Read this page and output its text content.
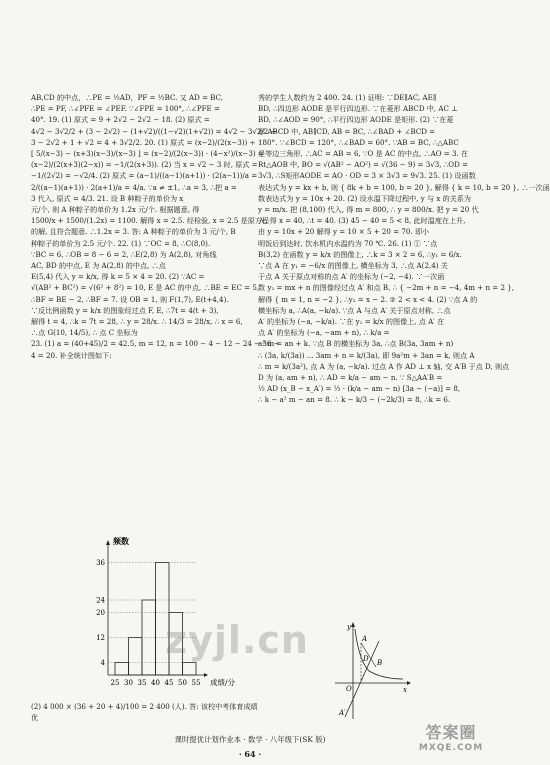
AB,CD 的中点，∴PE = ½AD，PF = ½BC. 又 AD = BC,

∴PE = PF, ∴∠PFE = ∠PEF. ∵∠FPE = 100°, ∴∠PFE =

40°. 19. (1) 原式 = 9 + 2√2 − 2√2 − 18. (2) 原式 =

4√2 − 3√2/2 + (3 − 2√2) − (1+√2)/((1−√2)(1+√2)) = 4√2 − 3√2/2 +

3 − 2√2 + 1 + √2 = 4 + 3√2/2. 20. (1) 原式 = (x−2)/(2(x−3)) ÷

[ 5/(x−3) − (x+3)(x−3)/(x−3) ] = (x−2)/(2(x−3)) · (4−x²)/(x−3) =

(x−2)/(2(x+3)(2−x)) = −1/(2(x+3)). (2) 当 x = √2 − 3 时, 原式 =

−1/(2√2) = −√2/4. (2) 原式 = (a−1)/((a−1)(a+1)) · (2(a−1))/a =

2/((a−1)(a+1)) · 2(a+1)/a = 4/a. ∵a ≠ ±1, ∴a = 3, ∴把 a =

3 代入, 原式 = 4/3. 21. 设 B 种粽子的单价为 x

元/个, 则 A 种粽子的单价为 1.2x 元/个. 根据题意, 得

1500/x + 1500/(1.2x) = 1100. 解得 x = 2.5. 经检验, x = 2.5 是原方程

的解, 且符合题意. ∴1.2x = 3. 答: A 种粽子的单价为 3 元/个, B

种粽子的单价为 2.5 元/个. 22. (1) ∵OC = 8, ∴C(8,0).

∵BC = 6, ∴OB = 8 − 6 = 2, ∴E(2,8) 为 A(2,8), 对角线

AC, BD 的中点, E 为 A(2,8) 的中点, ∴点

E(5,4) 代入 y = k/x, 得 k = 5 × 4 = 20. (2) ∵AC =

√(AB² + BC²) = √(6² + 8²) = 10, E 是 AC 的中点, ∴BE = EC = 5,

∴BF = BE − 2, ∴BF = 7. 设 OB = 1, 则 F(1,7), E(t+4,4).

∵反比例函数 y = k/x 的图象经过点 F, E, ∴7t = 4(t + 3),

解得 t = 4, ∴k = 7t = 28, ∴ y = 28/x. ∴ 14/3 = 28/x, ∴ x = 6,

∴点 G(10, 14/5), ∴ 点 C 坐标为

23. (1) a = (40+45)/2 = 42.5, m = 12, n = 100 − 4 − 12 − 24 − 36 −

4 = 20. 补全统计图如下:

秀的学生人数约为 2 400. 24. (1) 证明: ∵DE∥AC, AE∥

BD, ∴四边形 AODE 是平行四边形. ∵在菱形 ABCD 中, AC ⊥

BD, ∴∠AOD = 90°, ∴平行四边形 AODE 是矩形. (2) ∵在菱

形 ABCD 中, AB∥CD, AB = BC, ∴∠BAD + ∠BCD =

180°. ∵∠BCD = 120°, ∴∠BAD = 60°. ∵AB = BC, ∴△ABC

是等边三角形, ∴AC = AB = 6, ∵O 是 AC 的中点, ∴AO = 3. 在

Rt△AOB 中, BO = √(AB² − AO²) = √(36 − 9) = 3√3, ∴OD =

3√3, ∴S矩形AODE = AO · OD = 3 × 3√3 = 9√3. 25. (1) 设函数

表达式为 y = kx + b, 则 { 8k + b = 100, b = 20 }, 解得 { k = 10, b = 20 }, ∴一次函

数表达式为 y = 10x + 20. (2) 设水温下降过程中, y 与 x 的关系为

y = m/x. 把 (8,100) 代入, 得 m = 800, ∴ y = 800/x. 把 y = 20 代

入, 得 x = 40, ∴t = 40. (3) 45 − 40 = 5 < 8, 此时温度在上升,

由 y = 10x + 20 解得 y = 10 × 5 + 20 = 70. 即小

明饭后到达时, 饮水机内水温约为 70 ℃. 26. (1) ① ∵点

B(3,2) 在函数 y = k/x 的图像上, ∴k = 3 × 2 = 6, ∴y₁ = 6/x.

∵点 A 在 y₁ = −6/x 的图像上, 横坐标为 3, ∴点 A(2,4) 关

于点 A 关于原点对称的点 A′ 的坐标为 (−2, −4). ∵一次函

数 y₂ = mx + n 的图像经过点 A′ 和点 B, ∴ { −2m + n = −4, 4m + n = 2 },

解得 { m = 1, n = −2 }, ∴y₂ = x − 2. ② 2 < x < 4. (2) ∵点 A 的

横坐标为 a, ∴A(a, −k/a). ∵点 A 与点 A′ 关于原点对称, ∴点

A′ 的坐标为 (−a, −k/a). ∵在 y₁ = k/x 的图像上, 点 A′ 在

点 A′ 的坐标为 (−a, −am + n), ∴ k/a =

a² m = an + k. ∵点 B 的横坐标为 3a, ∴点 B(3a, 3am + n)

∴ (3a, k/(3a)) ... 3am + n = k/(3a), 即 9a²m + 3an = k, 则点 A

∴ m = k/(3a²), 点 A 为 (a, −k/a). 过点 A 作 AD ⊥ x 轴, 交 A′B 于点 D, 则点

D 为 (a, am + n), ∴ AD = k/a − am − n. ∵ S△AA′B =

½ AD (x_B − x_A′) = ½ · (k/a − am − n) [3a − (−a)] = 8,

∴ k − a² m − an = 8. ∴ k − k/3 − (−2k/3) = 8, ∴k = 6.

频数
36
24
20
12
4
25 30 35 40 45 50 55 成绩/分

(2) 4 000 × (36 + 20 + 4)/100 = 2 400 (人). 答: 该校中考体育成绩优

y
x
O
A
B
D
A′
zyjl.cn
答案圈
MXQE.COM
课时提优计划作业本 · 数学 · 八年级下(SK 版)
· 64 ·
